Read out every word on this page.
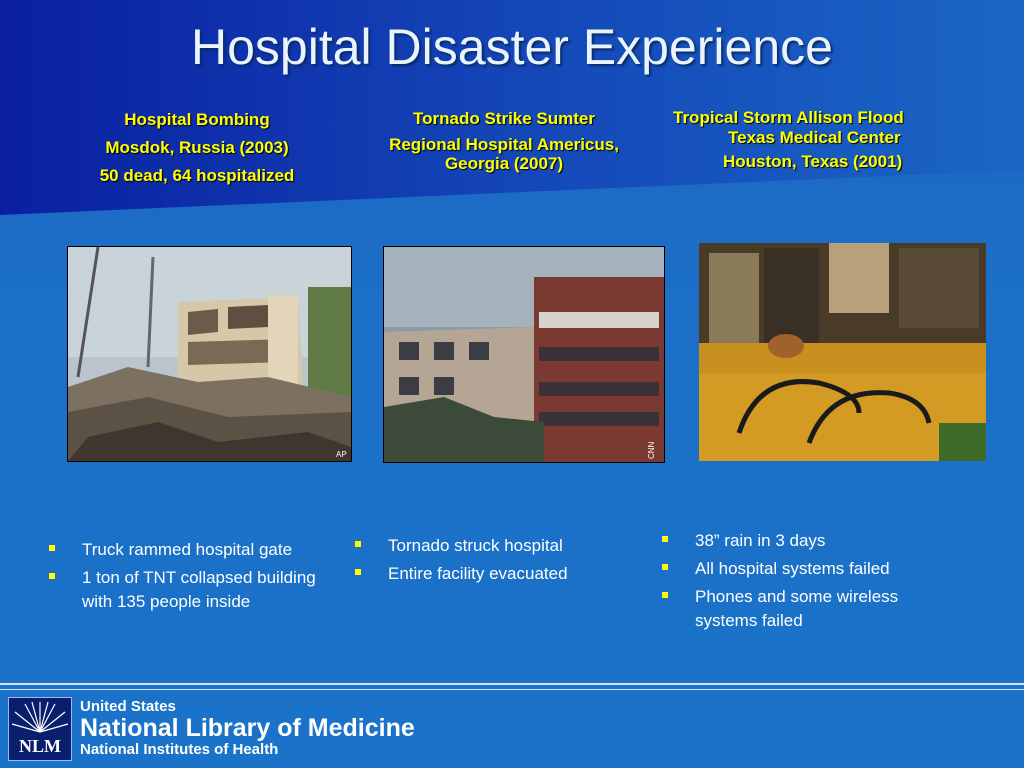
Hospital Disaster Experience
Hospital Bombing
Mosdok, Russia (2003)
50 dead, 64 hospitalized
Tornado Strike Sumter
Regional Hospital Americus,
Georgia (2007)
Tropical Storm Allison Flood
Texas Medical Center
Houston, Texas (2001)
AP	CNN
Truck rammed hospital gate
1 ton of TNT collapsed building with 135 people inside
Tornado struck hospital
Entire facility evacuated
38” rain in 3 days
All hospital systems failed
Phones and some wireless systems failed
NLM
United States
National Library of Medicine
National Institutes of Health
